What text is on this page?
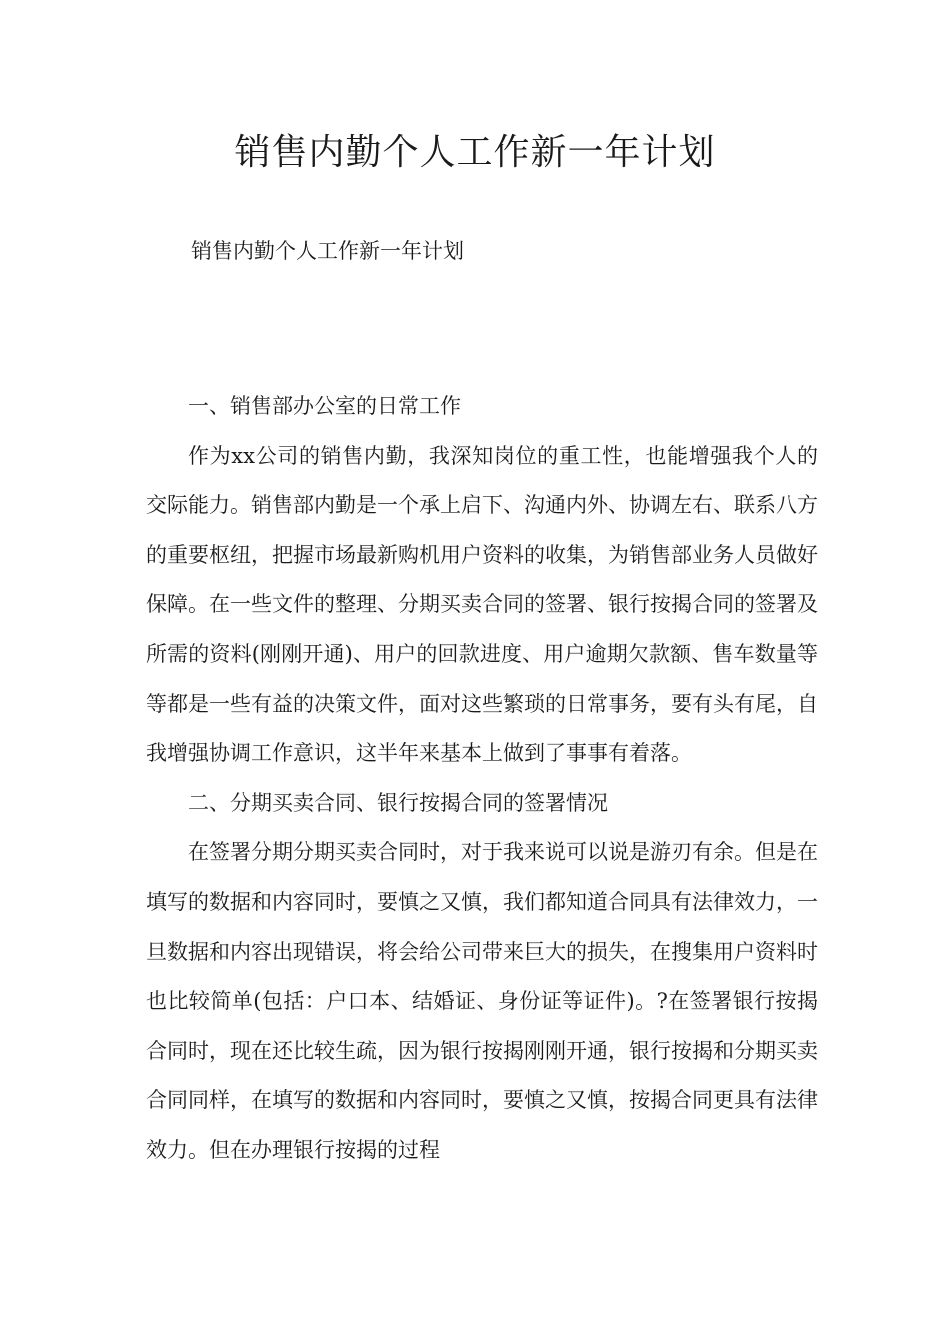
销售内勤个人工作新一年计划

销售内勤个人工作新一年计划

一、销售部办公室的日常工作

作为xx公司的销售内勤，我深知岗位的重工性，也能增强我个人的交际能力。销售部内勤是一个承上启下、沟通内外、协调左右、联系八方的重要枢纽，把握市场最新购机用户资料的收集，为销售部业务人员做好保障。在一些文件的整理、分期买卖合同的签署、银行按揭合同的签署及所需的资料(刚刚开通)、用户的回款进度、用户逾期欠款额、售车数量等等都是一些有益的决策文件，面对这些繁琐的日常事务，要有头有尾，自我增强协调工作意识，这半年来基本上做到了事事有着落。

二、分期买卖合同、银行按揭合同的签署情况

在签署分期分期买卖合同时，对于我来说可以说是游刃有余。但是在填写的数据和内容同时，要慎之又慎，我们都知道合同具有法律效力，一旦数据和内容出现错误，将会给公司带来巨大的损失，在搜集用户资料时也比较简单(包括：户口本、结婚证、身份证等证件)。?在签署银行按揭合同时，现在还比较生疏，因为银行按揭刚刚开通，银行按揭和分期买卖合同同样，在填写的数据和内容同时，要慎之又慎，按揭合同更具有法律效力。但在办理银行按揭的过程
